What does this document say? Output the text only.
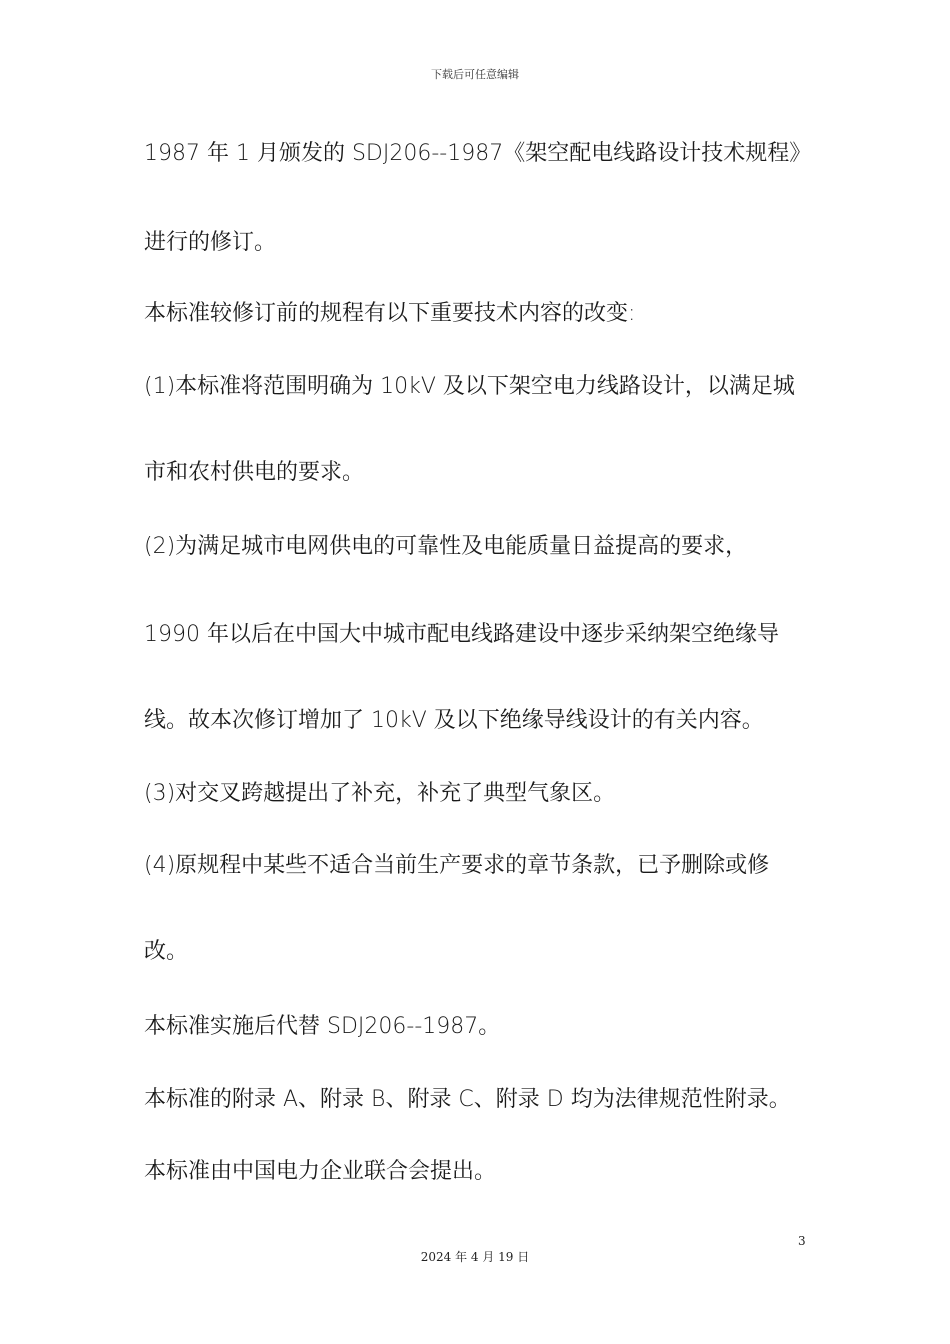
下载后可任意编辑
1987 年 1 月颁发的 SDJ206--1987《架空配电线路设计技术规程》
进行的修订。
本标准较修订前的规程有以下重要技术内容的改变:
(1)本标准将范围明确为 10kV 及以下架空电力线路设计，以满足城
市和农村供电的要求。
(2)为满足城市电网供电的可靠性及电能质量日益提高的要求，
1990 年以后在中国大中城市配电线路建设中逐步采纳架空绝缘导
线。故本次修订增加了 10kV 及以下绝缘导线设计的有关内容。
(3)对交叉跨越提出了补充，补充了典型气象区。
(4)原规程中某些不适合当前生产要求的章节条款，已予删除或修
改。
本标准实施后代替 SDJ206--1987。
本标准的附录 A、附录 B、附录 C、附录 D 均为法律规范性附录。
本标准由中国电力企业联合会提出。
3
2024 年 4 月 19 日
